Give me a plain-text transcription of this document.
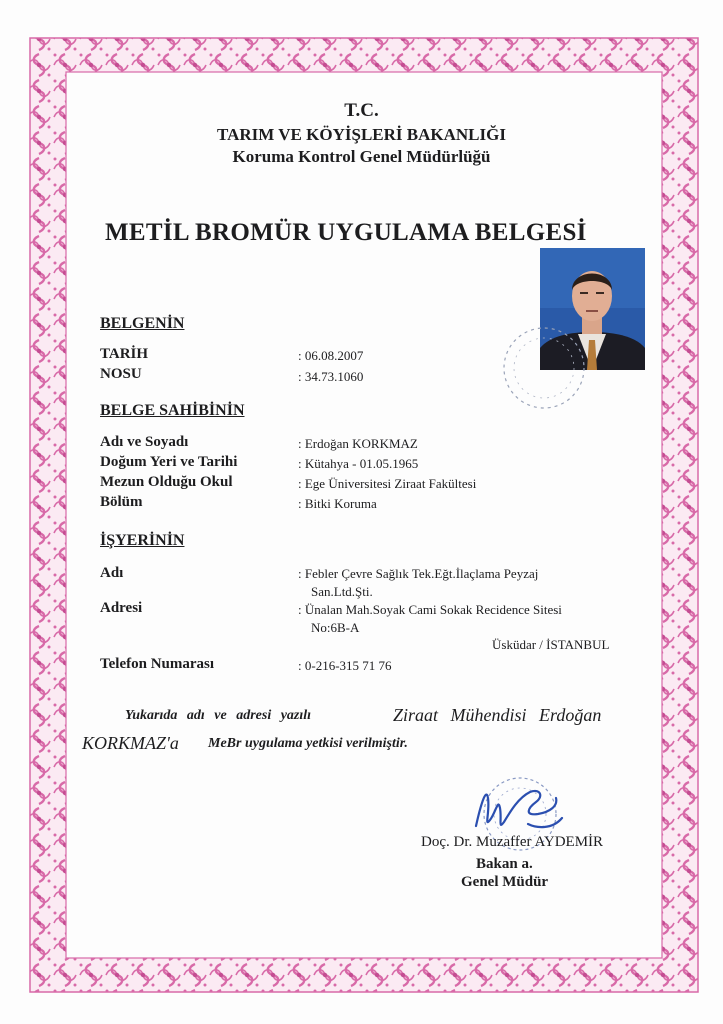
T.C.
TARIM VE KÖYİŞLERİ BAKANLIĞI
Koruma Kontrol Genel Müdürlüğü
METİL BROMÜR UYGULAMA BELGESİ
BELGENİN
TARİH	: 06.08.2007
NOSU	: 34.73.1060
BELGE SAHİBİNİN
Adı ve Soyadı	: Erdoğan KORKMAZ
Doğum Yeri ve Tarihi	: Kütahya - 01.05.1965
Mezun Olduğu Okul	: Ege Üniversitesi Ziraat Fakültesi
Bölüm	: Bitki Koruma
İŞYERİNİN
Adı	: Febler Çevre Sağlık Tek.Eğt.İlaçlama Peyzaj
San.Ltd.Şti.
Adresi	: Ünalan Mah.Soyak Cami Sokak Recidence Sitesi
No:6B-A
Üsküdar / İSTANBUL
Telefon Numarası	: 0-216-315 71 76
Yukarıda adı ve adresi yazılı	Ziraat Mühendisi Erdoğan
KORKMAZ'a MeBr uygulama yetkisi verilmiştir.
Doç. Dr. Muzaffer AYDEMİR
Bakan a.
Genel Müdür
